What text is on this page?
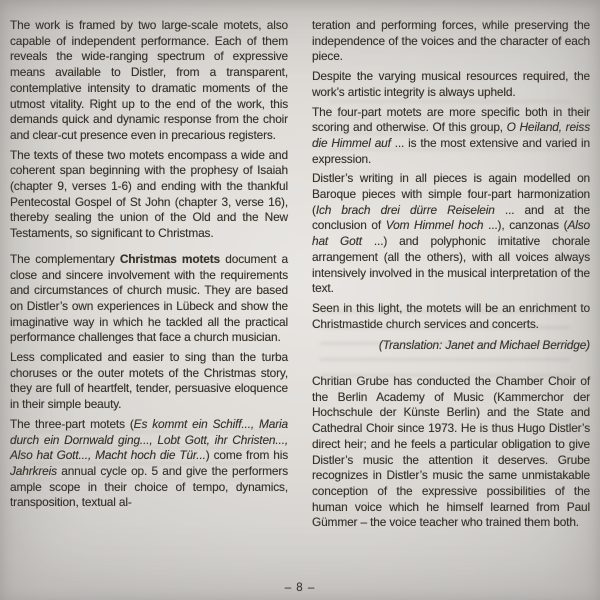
The work is framed by two large-scale motets, also capable of independent performance. Each of them reveals the wide-ranging spectrum of expressive means available to Distler, from a transparent, contemplative intensity to dramatic moments of the utmost vitality. Right up to the end of the work, this demands quick and dynamic response from the choir and clear-cut presence even in precarious registers.

The texts of these two motets encompass a wide and coherent span beginning with the prophesy of Isaiah (chapter 9, verses 1-6) and ending with the thankful Pentecostal Gospel of St John (chapter 3, verse 16), thereby sealing the union of the Old and the New Testaments, so significant to Christmas.

The complementary Christmas motets document a close and sincere involvement with the requirements and circumstances of church music. They are based on Distler’s own experiences in Lübeck and show the imaginative way in which he tackled all the practical performance challenges that face a church musician.

Less complicated and easier to sing than the turba choruses or the outer motets of the Christmas story, they are full of heartfelt, tender, persuasive eloquence in their simple beauty.

The three-part motets (Es kommt ein Schiff..., Maria durch ein Dornwald ging..., Lobt Gott, ihr Christen..., Also hat Gott..., Macht hoch die Tür...) come from his Jahrkreis annual cycle op. 5 and give the performers ample scope in their choice of tempo, dynamics, transposition, textual al-

teration and performing forces, while preserving the independence of the voices and the character of each piece.

Despite the varying musical resources required, the work’s artistic integrity is always upheld.

The four-part motets are more specific both in their scoring and otherwise. Of this group, O Heiland, reiss die Himmel auf ... is the most extensive and varied in expression.

Distler’s writing in all pieces is again modelled on Baroque pieces with simple four-part harmonization (Ich brach drei dürre Reiselein ... and at the conclusion of Vom Himmel hoch ...), canzonas (Also hat Gott ...) and polyphonic imitative chorale arrangement (all the others), with all voices always intensively involved in the musical interpretation of the text.

Seen in this light, the motets will be an enrichment to Christmastide church services and concerts.

(Translation: Janet and Michael Berridge)

Chritian Grube has conducted the Chamber Choir of the Berlin Academy of Music (Kammerchor der Hochschule der Künste Berlin) and the State and Cathedral Choir since 1973. He is thus Hugo Distler’s direct heir; and he feels a particular obligation to give Distler’s music the attention it deserves. Grube recognizes in Distler’s music the same unmistakable conception of the expressive possibilities of the human voice which he himself learned from Paul Gümmer – the voice teacher who trained them both.

– 8 –
